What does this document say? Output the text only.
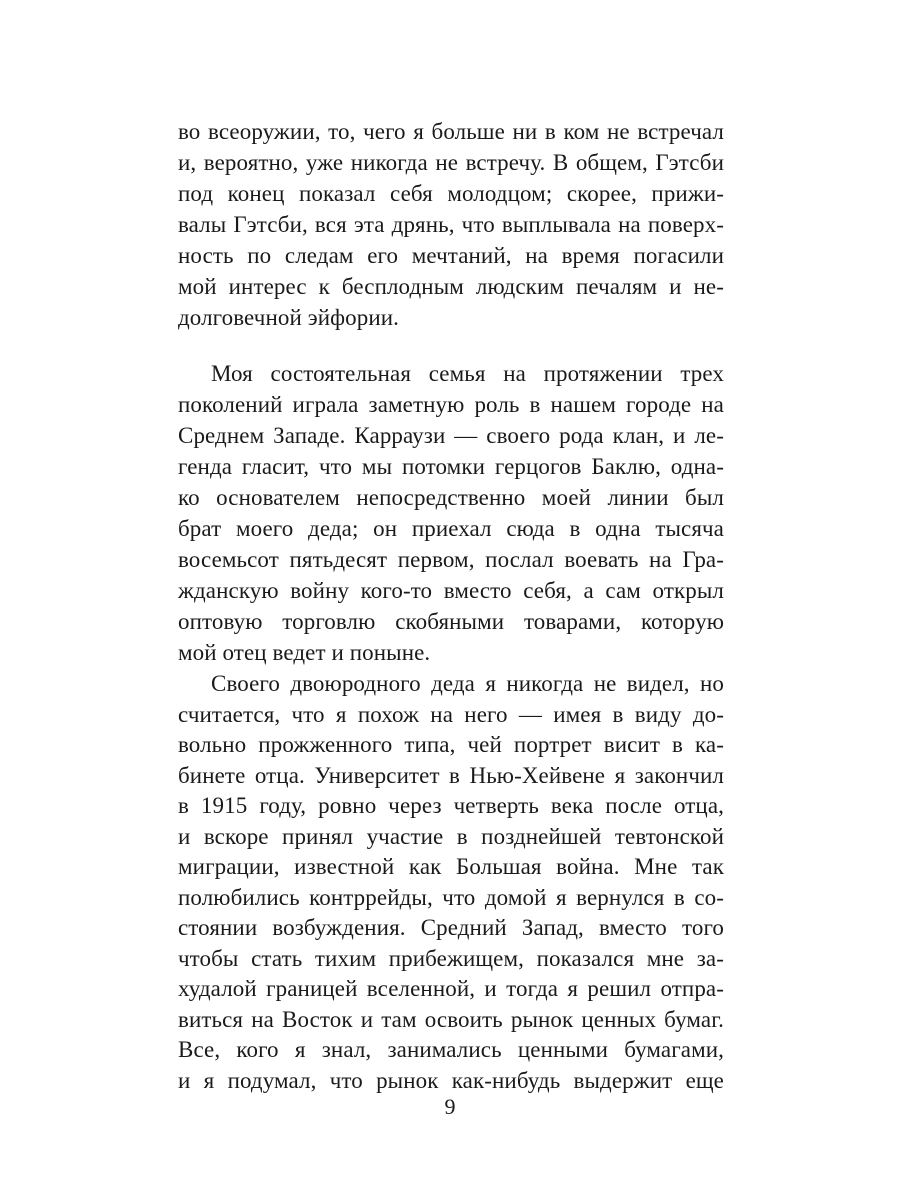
во всеоружии, то, чего я больше ни в ком не встречал
и, вероятно, уже никогда не встречу. В общем, Гэтсби
под конец показал себя молодцом; скорее, прижи-
валы Гэтсби, вся эта дрянь, что выплывала на поверх-
ность по следам его мечтаний, на время погасили
мой интерес к бесплодным людским печалям и не-
долговечной эйфории.
Моя состоятельная семья на протяжении трех
поколений играла заметную роль в нашем городе на
Среднем Западе. Карраузи — своего рода клан, и ле-
генда гласит, что мы потомки герцогов Баклю, одна-
ко основателем непосредственно моей линии был
брат моего деда; он приехал сюда в одна тысяча
восемьсот пятьдесят первом, послал воевать на Гра-
жданскую войну кого-то вместо себя, а сам открыл
оптовую торговлю скобяными товарами, которую
мой отец ведет и поныне.
Своего двоюродного деда я никогда не видел, но
считается, что я похож на него — имея в виду до-
вольно прожженного типа, чей портрет висит в ка-
бинете отца. Университет в Нью-Хейвене я закончил
в 1915 году, ровно через четверть века после отца,
и вскоре принял участие в позднейшей тевтонской
миграции, известной как Большая война. Мне так
полюбились контррейды, что домой я вернулся в со-
стоянии возбуждения. Средний Запад, вместо того
чтобы стать тихим прибежищем, показался мне за-
худалой границей вселенной, и тогда я решил отпра-
виться на Восток и там освоить рынок ценных бумаг.
Все, кого я знал, занимались ценными бумагами,
9
и я подумал, что рынок как-нибудь выдержит еще
